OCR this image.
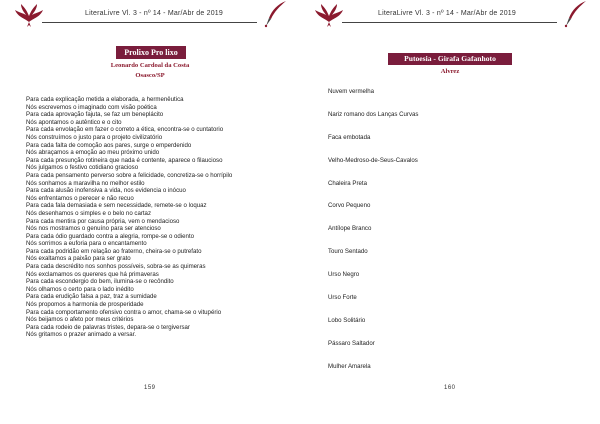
LiteraLivre Vl. 3 - nº 14 - Mar/Abr de 2019
Prolixo Pro lixo
Leonardo Cardoal da Costa
Osasco/SP
Para cada explicação metida a elaborada, a hermenêutica
Nós escrevemos o imaginado com visão poética
Para cada aprovação fajuta, se faz um beneplácito
Nós apontamos o autêntico e o cito
Para cada envolação em fazer o correto a ética, encontra-se o cuntatorio
Nós construímos o justo para o projeto civilizatório
Para cada falta de comoção aos pares, surge o emperdenido
Nós abraçamos a emoção ao meu próximo unido
Para cada presunção rotineira que nada é contente, aparece o filaucioso
Nós julgamos o festivo cotidiano gracioso
Para cada pensamento perverso sobre a felicidade, concretiza-se o horrípilo
Nós sonhamos a maravilha no melhor estilo
Para cada alusão inofensiva a vida, nos evidencia o inócuo
Nós enfrentamos o perecer e não recuo
Para cada fala demasiada e sem necessidade, remete-se o loquaz
Nós desenhamos o simples e o belo no cartaz
Para cada mentira por causa própria, vem o mendacioso
Nós nos mostramos o genuíno para ser atencioso
Para cada ódio guardado contra a alegria, rompe-se o odiento
Nós sorrimos a euforia para o encantamento
Para cada podridão em relação ao fraterno, cheira-se o putrefato
Nós exaltamos a paixão para ser grato
Para cada descrédito nos sonhos possíveis, sobra-se as quimeras
Nós exclamamos os quereres que há primaveras
Para cada escondergio do bem, ilumina-se o recôndito
Nós olhamos o certo para o lado inédito
Para cada erudição falsa a paz, traz a sumidade
Nós propomos a harmonia de prosperidade
Para cada comportamento ofensivo contra o amor, chama-se o vitupério
Nós beijamos o afeto por meus critérios
Para cada rodeio de palavras tristes, depara-se o tergiversar
Nós gritamos o prazer animado a versar.
159
LiteraLivre Vl. 3 - nº 14 - Mar/Abr de 2019
Putoesia - Girafa Gafanhoto
Alvrez
Nuvem vermelha
Nariz romano dos Lanças Curvas
Faca embotada
Velho-Medroso-de-Seus-Cavalos
Chaleira Preta
Corvo Pequeno
Antílope Branco
Touro Sentado
Urso Negro
Urso Forte
Lobo Solitário
Pássaro Saltador
Mulher Amarela
160
